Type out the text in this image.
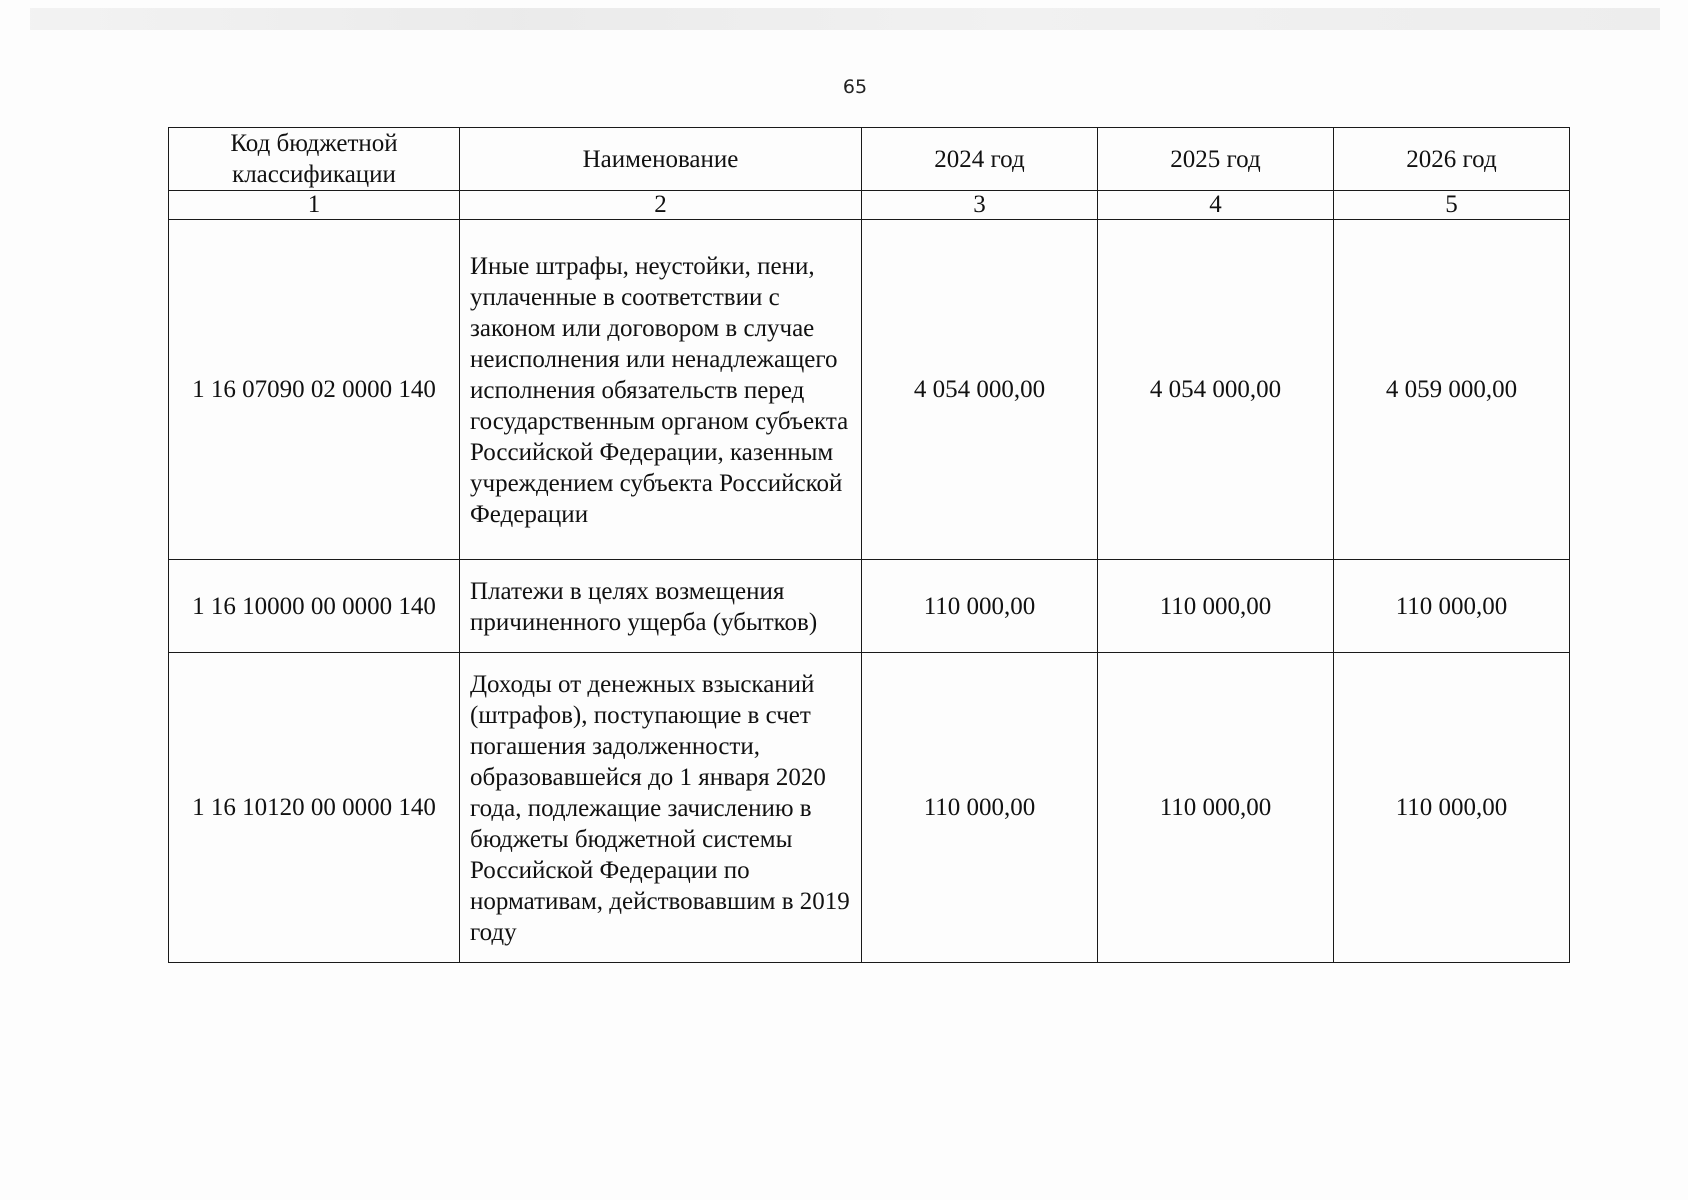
65
Код бюджетной классификации	Наименование	2024 год	2025 год	2026 год
1	2	3	4	5
1 16 07090 02 0000 140	Иные штрафы, неустойки, пени, уплаченные в соответствии с законом или договором в случае неисполнения или ненадлежащего исполнения обязательств перед государственным органом субъекта Российской Федерации, казенным учреждением субъекта Российской Федерации	4 054 000,00	4 054 000,00	4 059 000,00
1 16 10000 00 0000 140	Платежи в целях возмещения причиненного ущерба (убытков)	110 000,00	110 000,00	110 000,00
1 16 10120 00 0000 140	Доходы от денежных взысканий (штрафов), поступающие в счет погашения задолженности, образовавшейся до 1 января 2020 года, подлежащие зачислению в бюджеты бюджетной системы Российской Федерации по нормативам, действовавшим в 2019 году	110 000,00	110 000,00	110 000,00
